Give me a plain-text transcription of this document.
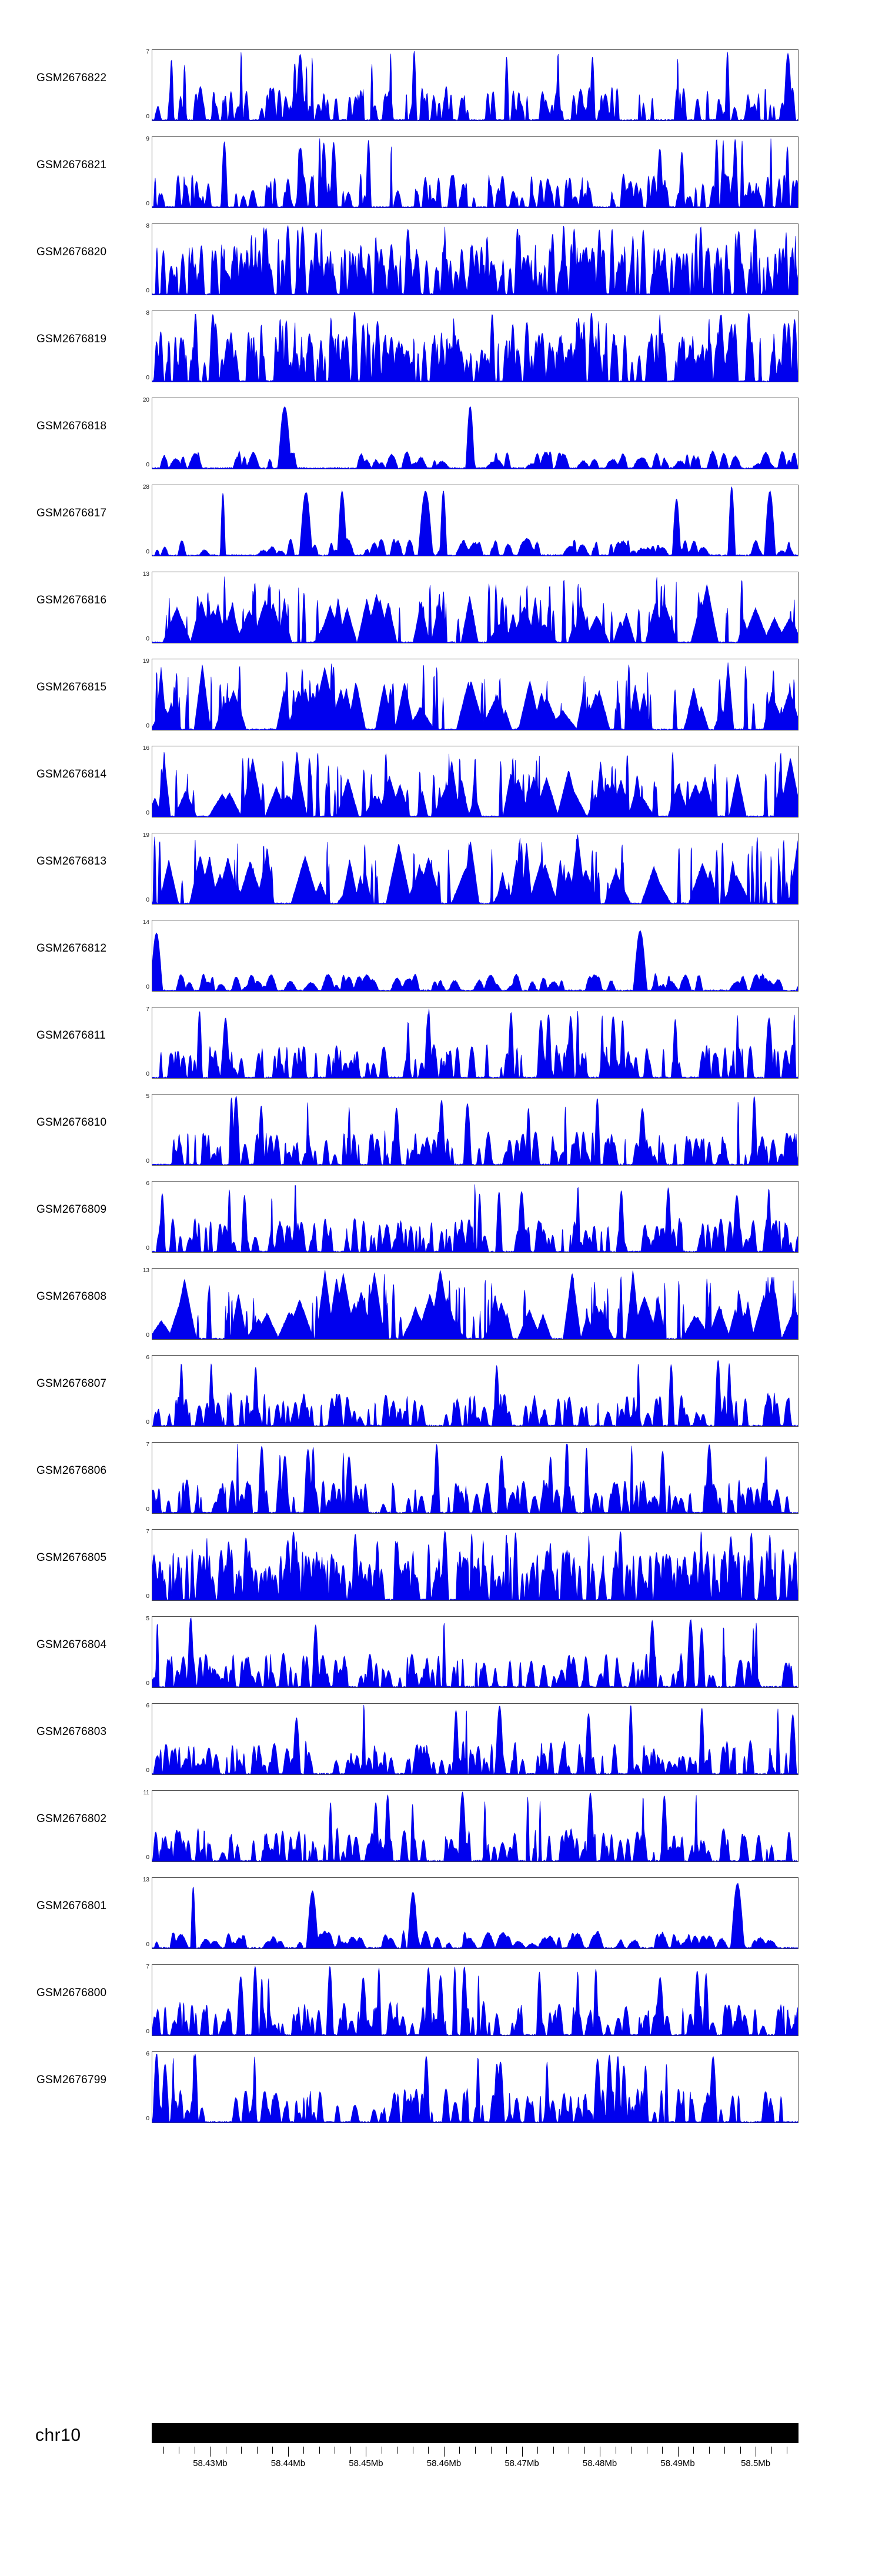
GSM2676822
7
0
GSM2676821
9
0
GSM2676820
8
0
GSM2676819
8
0
GSM2676818
20
0
GSM2676817
28
0
GSM2676816
13
0
GSM2676815
19
0
GSM2676814
16
0
GSM2676813
19
0
GSM2676812
14
0
GSM2676811
7
0
GSM2676810
5
0
GSM2676809
6
0
GSM2676808
13
0
GSM2676807
6
0
GSM2676806
7
0
GSM2676805
7
0
GSM2676804
5
0
GSM2676803
6
0
GSM2676802
11
0
GSM2676801
13
0
GSM2676800
7
0
GSM2676799
6
0
chr10
58.43Mb	58.44Mb	58.45Mb	58.46Mb	58.47Mb	58.48Mb	58.49Mb	58.5Mb
